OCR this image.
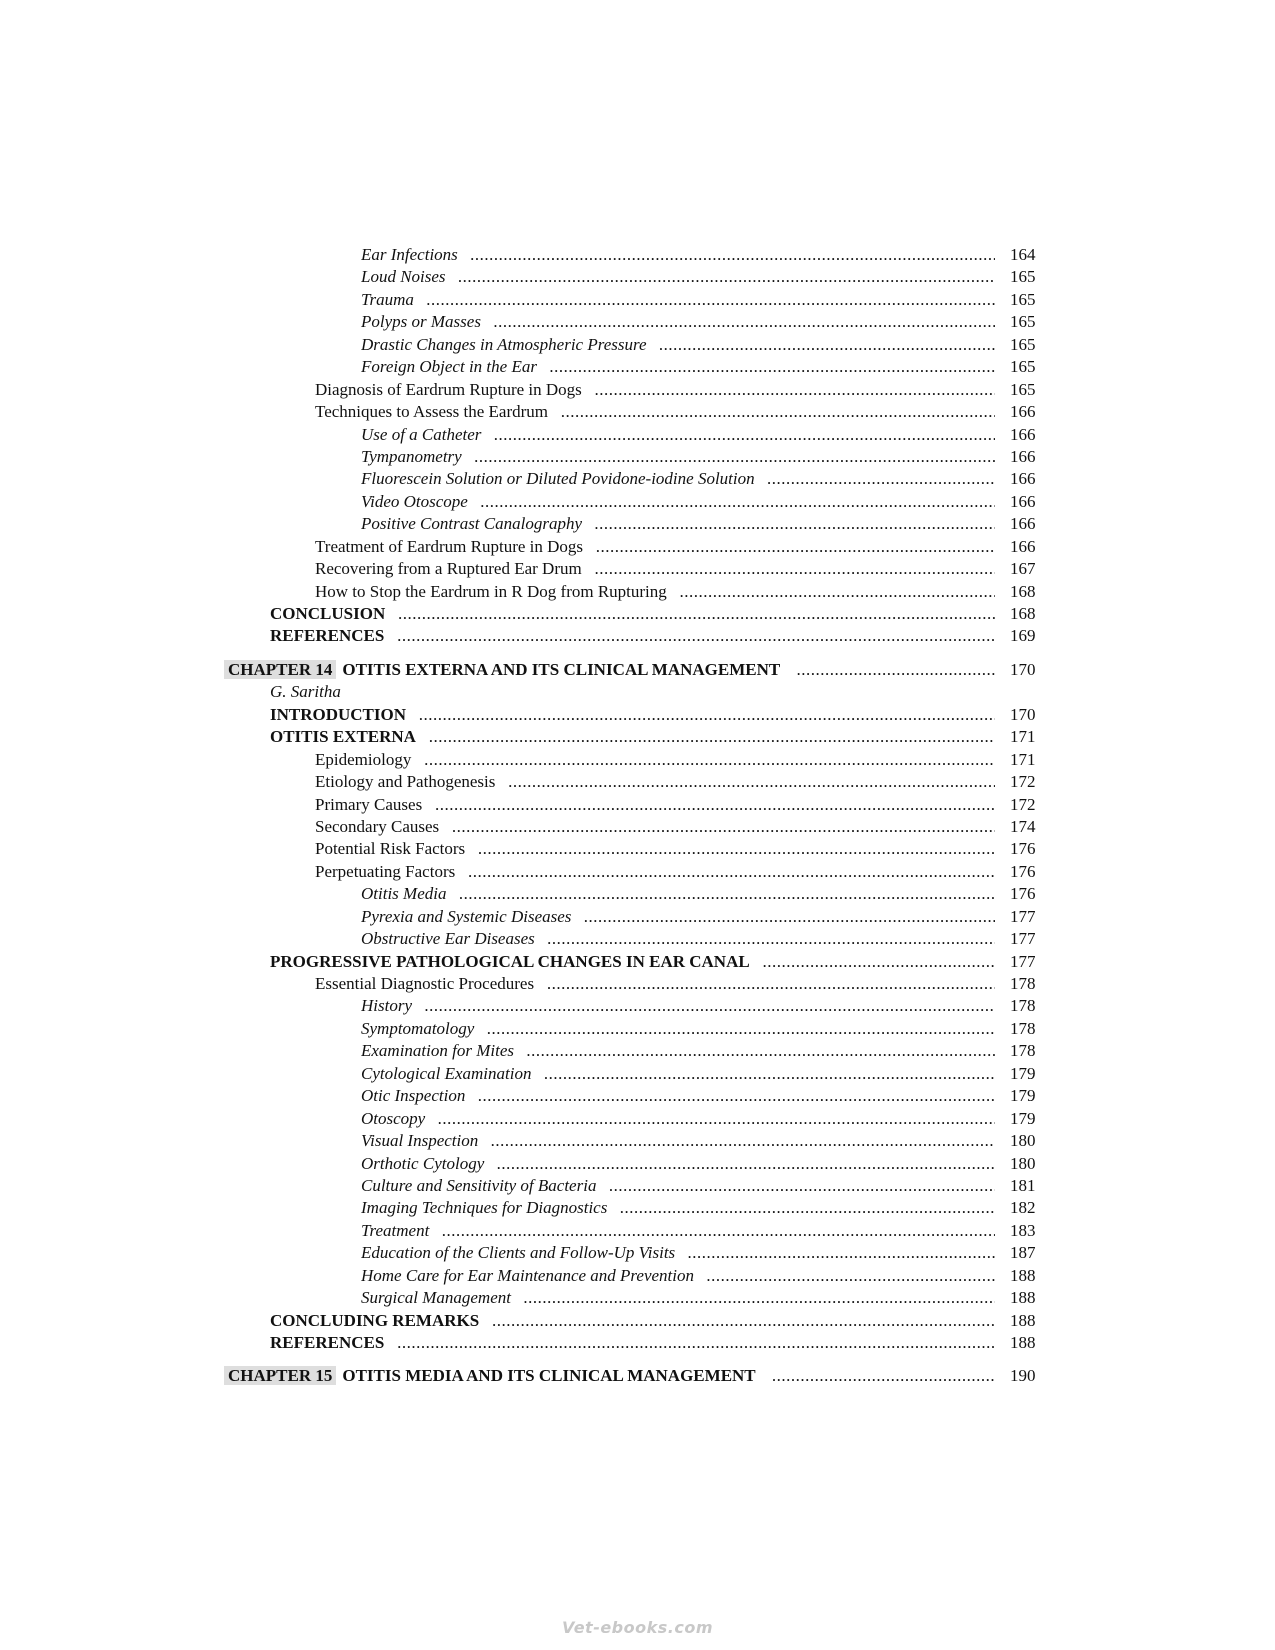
Ear Infections .....	164
Loud Noises .....	165
Trauma .....	165
Polyps or Masses .....	165
Drastic Changes in Atmospheric Pressure .....	165
Foreign Object in the Ear .....	165
Diagnosis of Eardrum Rupture in Dogs .....	165
Techniques to Assess the Eardrum .....	166
Use of a Catheter .....	166
Tympanometry .....	166
Fluorescein Solution or Diluted Povidone-iodine Solution .....	166
Video Otoscope .....	166
Positive Contrast Canalography .....	166
Treatment of Eardrum Rupture in Dogs .....	166
Recovering from a Ruptured Ear Drum .....	167
How to Stop the Eardrum in R Dog from Rupturing .....	168
CONCLUSION .....	168
REFERENCES .....	169
CHAPTER 14 OTITIS EXTERNA AND ITS CLINICAL MANAGEMENT .....	170
G. Saritha
INTRODUCTION .....	170
OTITIS EXTERNA .....	171
Epidemiology .....	171
Etiology and Pathogenesis .....	172
Primary Causes .....	172
Secondary Causes .....	174
Potential Risk Factors .....	176
Perpetuating Factors .....	176
Otitis Media .....	176
Pyrexia and Systemic Diseases .....	177
Obstructive Ear Diseases .....	177
PROGRESSIVE PATHOLOGICAL CHANGES IN EAR CANAL .....	177
Essential Diagnostic Procedures .....	178
History .....	178
Symptomatology .....	178
Examination for Mites .....	178
Cytological Examination .....	179
Otic Inspection .....	179
Otoscopy .....	179
Visual Inspection .....	180
Orthotic Cytology .....	180
Culture and Sensitivity of Bacteria .....	181
Imaging Techniques for Diagnostics .....	182
Treatment .....	183
Education of the Clients and Follow-Up Visits .....	187
Home Care for Ear Maintenance and Prevention .....	188
Surgical Management .....	188
CONCLUDING REMARKS .....	188
REFERENCES .....	188
CHAPTER 15 OTITIS MEDIA AND ITS CLINICAL MANAGEMENT .....	190
Vet-ebooks.com
